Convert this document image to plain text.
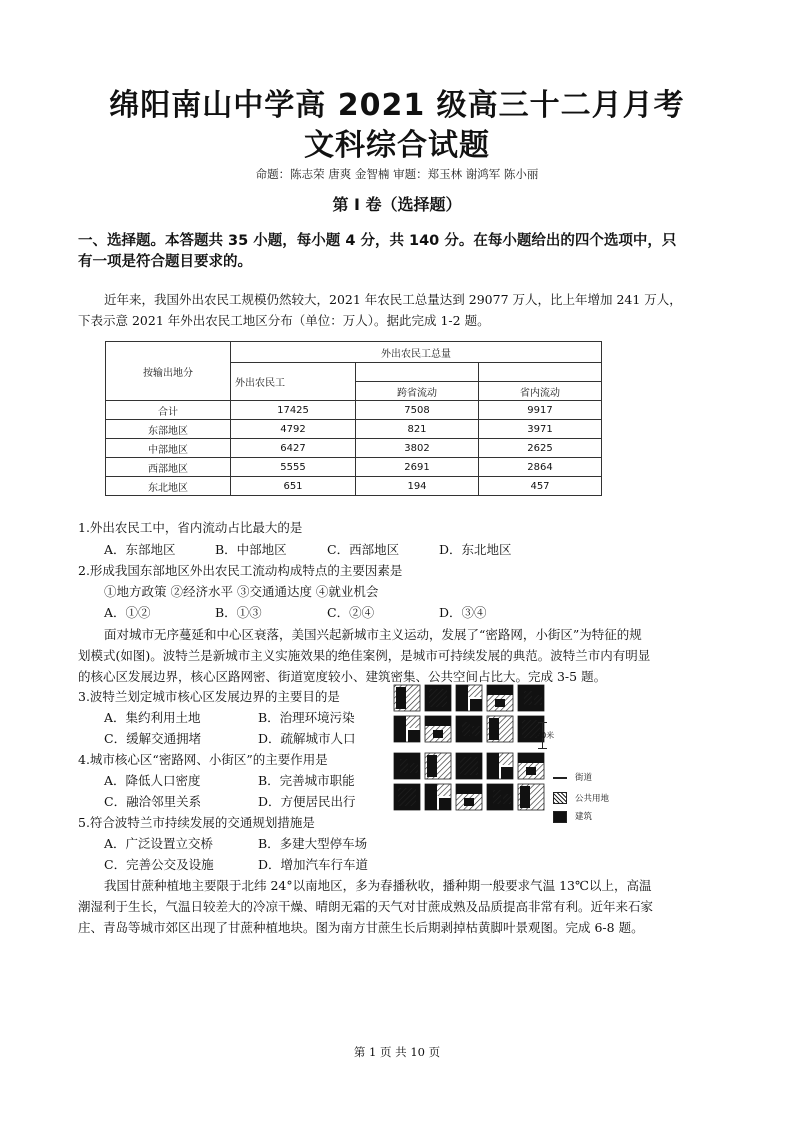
绵阳南山中学高 2021 级高三十二月月考
文科综合试题
命题：陈志荣 唐爽 金智楠 审题：郑玉林 谢鸿军 陈小丽
第 I 卷（选择题）
一、选择题。本答题共 35 小题，每小题 4 分，共 140 分。在每小题给出的四个选项中，只
有一项是符合题目要求的。
近年来，我国外出农民工规模仍然较大，2021 年农民工总量达到 29077 万人，比上年增加 241 万人，
下表示意 2021 年外出农民工地区分布（单位：万人）。据此完成 1-2 题。
按输出地分	外出农民工总量		
	外出农民工		
		跨省流动	省内流动
合计	17425	7508	9917
东部地区	4792	821	3971
中部地区	6427	3802	2625
西部地区	5555	2691	2864
东北地区	651	194	457
1.外出农民工中，省内流动占比最大的是
A．东部地区	B．中部地区	C．西部地区	D．东北地区
2.形成我国东部地区外出农民工流动构成特点的主要因素是
①地方政策 ②经济水平 ③交通通达度 ④就业机会
A．①②	B．①③	C．②④	D．③④
面对城市无序蔓延和中心区衰落，美国兴起新城市主义运动，发展了“密路网，小街区”为特征的规
划模式(如图)。波特兰是新城市主义实施效果的绝佳案例，是城市可持续发展的典范。波特兰市内有明显
的核心区发展边界，核心区路网密、街道宽度较小、建筑密集、公共空间占比大。完成 3-5 题。
3.波特兰划定城市核心区发展边界的主要目的是
A．集约利用土地	B．治理环境污染
C．缓解交通拥堵	D．疏解城市人口
4.城市核心区“密路网、小街区”的主要作用是
A．降低人口密度	B．完善城市职能
C．融洽邻里关系	D．方便居民出行
5.符合波特兰市持续发展的交通规划措施是
A．广泛设置立交桥	B．多建大型停车场
C．完善公交及设施	D．增加汽车行车道
60米
街道
公共用地
建筑
我国甘蔗种植地主要限于北纬 24°以南地区，多为春播秋收，播种期一般要求气温 13℃以上，高温
潮湿利于生长，气温日较差大的冷凉干燥、晴朗无霜的天气对甘蔗成熟及品质提高非常有利。近年来石家
庄、青岛等城市郊区出现了甘蔗种植地块。图为南方甘蔗生长后期剥掉枯黄脚叶景观图。完成 6-8 题。
第 1 页 共 10 页
